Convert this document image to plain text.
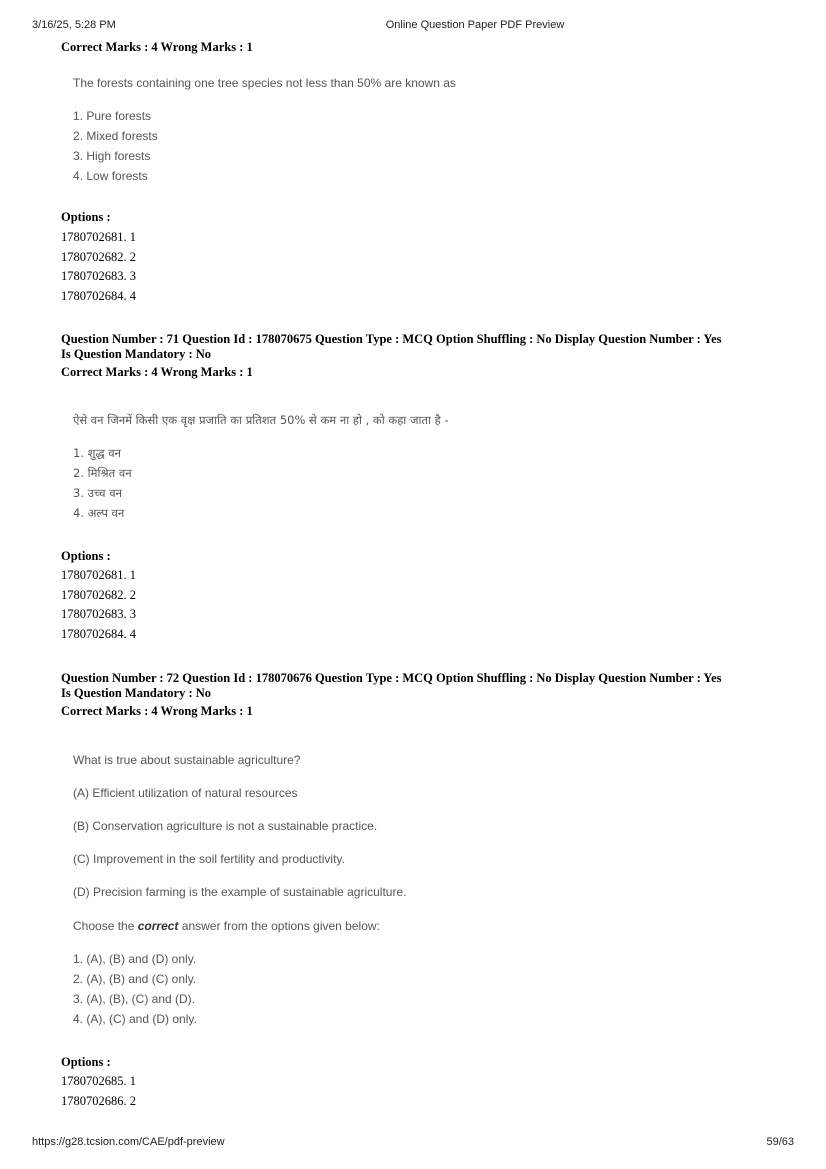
3/16/25, 5:28 PM	Online Question Paper PDF Preview
Correct Marks : 4 Wrong Marks : 1
The forests containing one tree species not less than 50% are known as
1. Pure forests
2. Mixed forests
3. High forests
4. Low forests
Options :
1780702681. 1
1780702682. 2
1780702683. 3
1780702684. 4
Question Number : 71 Question Id : 178070675 Question Type : MCQ Option Shuffling : No Display Question Number : Yes
Is Question Mandatory : No
Correct Marks : 4 Wrong Marks : 1
ऐसे वन जिनमें किसी एक वृक्ष प्रजाति का प्रतिशत 50% से कम ना हो , को कहा जाता है -
1. शुद्ध वन
2. मिश्रित वन
3. उच्च वन
4. अल्प वन
Options :
1780702681. 1
1780702682. 2
1780702683. 3
1780702684. 4
Question Number : 72 Question Id : 178070676 Question Type : MCQ Option Shuffling : No Display Question Number : Yes
Is Question Mandatory : No
Correct Marks : 4 Wrong Marks : 1
What is true about sustainable agriculture?
(A) Efficient utilization of natural resources
(B) Conservation agriculture is not a sustainable practice.
(C) Improvement in the soil fertility and productivity.
(D) Precision farming is the example of sustainable agriculture.
Choose the correct answer from the options given below:
1. (A), (B) and (D) only.
2. (A), (B) and (C) only.
3. (A), (B), (C) and (D).
4. (A), (C) and (D) only.
Options :
1780702685. 1
1780702686. 2
https://g28.tcsion.com/CAE/pdf-preview	59/63
